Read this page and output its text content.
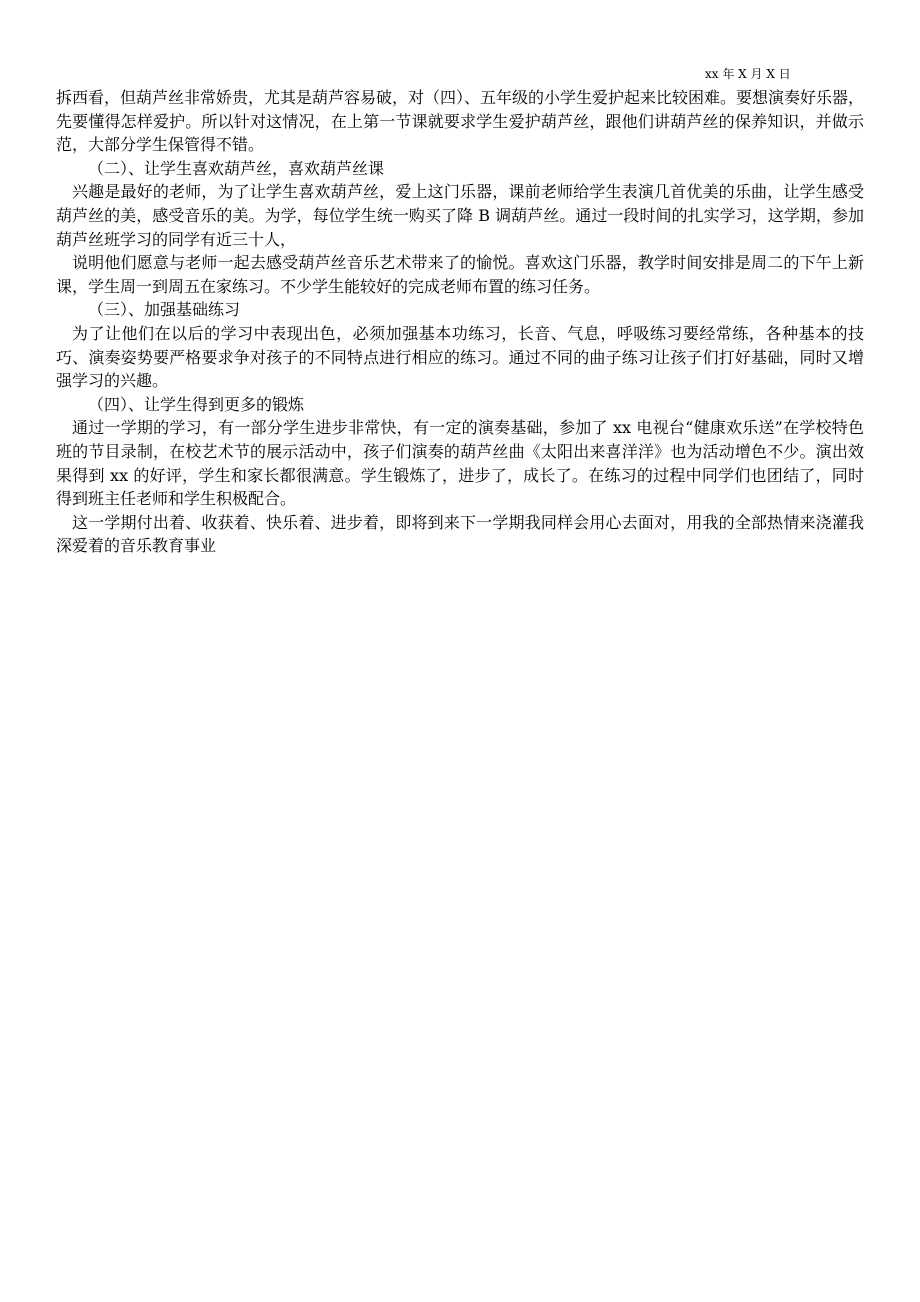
xx 年 X 月 X 日

拆西看，但葫芦丝非常娇贵，尤其是葫芦容易破，对（四）、五年级的小学生爱护起来比较困难。要想演奏好乐器，先要懂得怎样爱护。所以针对这情况，在上第一节课就要求学生爱护葫芦丝，跟他们讲葫芦丝的保养知识，并做示范，大部分学生保管得不错。

（二）、让学生喜欢葫芦丝，喜欢葫芦丝课

兴趣是最好的老师，为了让学生喜欢葫芦丝，爱上这门乐器，课前老师给学生表演几首优美的乐曲，让学生感受葫芦丝的美，感受音乐的美。为学，每位学生统一购买了降 B 调葫芦丝。通过一段时间的扎实学习，这学期，参加葫芦丝班学习的同学有近三十人，

说明他们愿意与老师一起去感受葫芦丝音乐艺术带来了的愉悦。喜欢这门乐器，教学时间安排是周二的下午上新课，学生周一到周五在家练习。不少学生能较好的完成老师布置的练习任务。

（三）、加强基础练习

为了让他们在以后的学习中表现出色，必须加强基本功练习，长音、气息，呼吸练习要经常练，各种基本的技巧、演奏姿势要严格要求争对孩子的不同特点进行相应的练习。通过不同的曲子练习让孩子们打好基础，同时又增强学习的兴趣。

（四）、让学生得到更多的锻炼

通过一学期的学习，有一部分学生进步非常快，有一定的演奏基础，参加了 xx 电视台“健康欢乐送”在学校特色班的节目录制，在校艺术节的展示活动中，孩子们演奏的葫芦丝曲《太阳出来喜洋洋》也为活动增色不少。演出效果得到 xx 的好评，学生和家长都很满意。学生锻炼了，进步了，成长了。在练习的过程中同学们也团结了，同时得到班主任老师和学生积极配合。

这一学期付出着、收获着、快乐着、进步着，即将到来下一学期我同样会用心去面对，用我的全部热情来浇灌我深爱着的音乐教育事业
